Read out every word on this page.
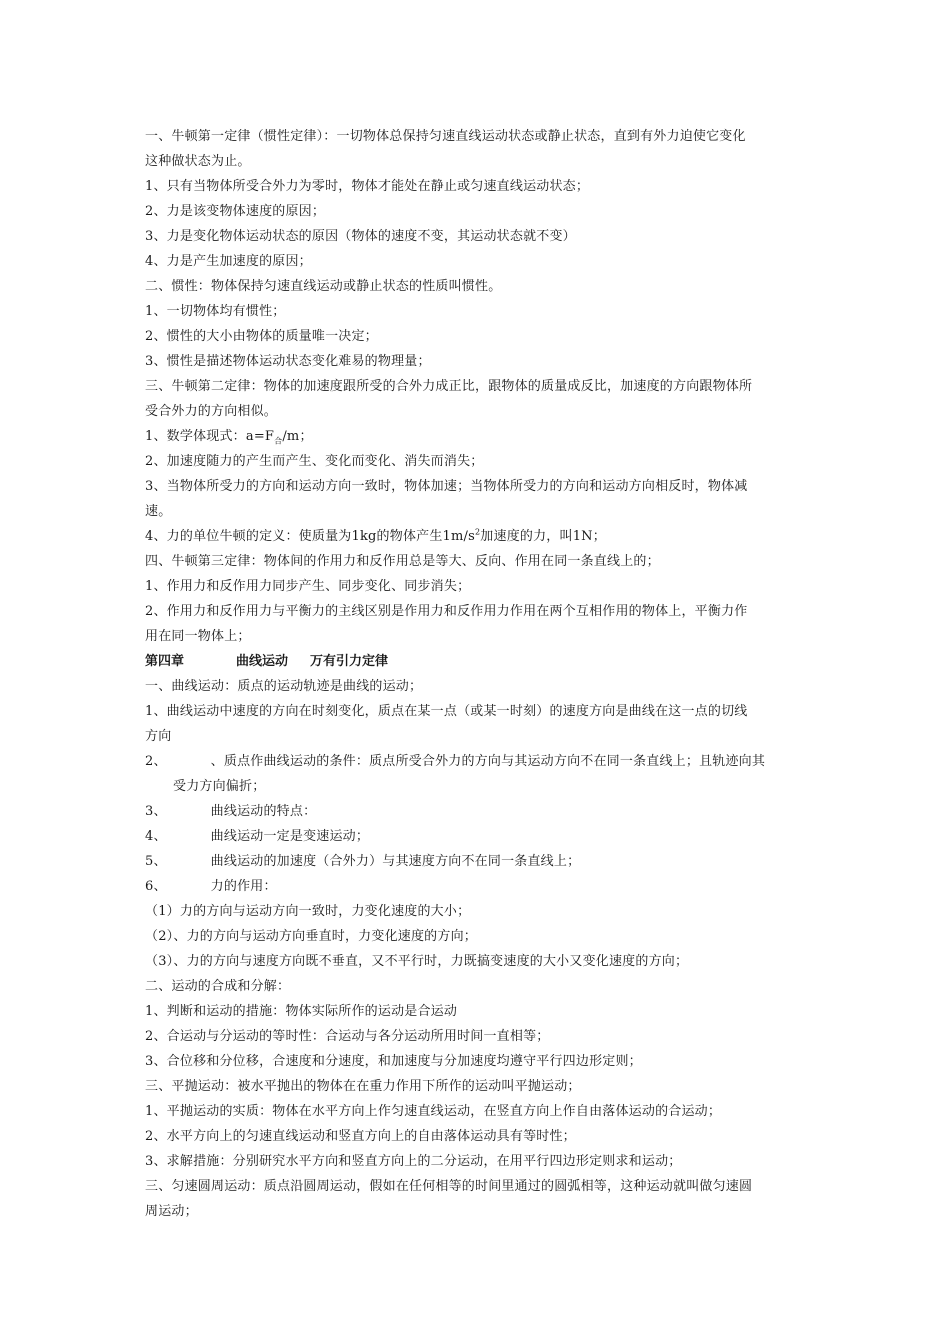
一、牛顿第一定律（惯性定律）：一切物体总保持匀速直线运动状态或静止状态，直到有外力迫使它变化
这种做状态为止。
1、只有当物体所受合外力为零时，物体才能处在静止或匀速直线运动状态；
2、力是该变物体速度的原因；
3、力是变化物体运动状态的原因（物体的速度不变，其运动状态就不变）
4、力是产生加速度的原因；
二、惯性：物体保持匀速直线运动或静止状态的性质叫惯性。
1、一切物体均有惯性；
2、惯性的大小由物体的质量唯一决定；
3、惯性是描述物体运动状态变化难易的物理量；
三、牛顿第二定律：物体的加速度跟所受的合外力成正比，跟物体的质量成反比，加速度的方向跟物体所
受合外力的方向相似。
1、数学体现式：$a=F_合/m$；
2、加速度随力的产生而产生、变化而变化、消失而消失；
3、当物体所受力的方向和运动方向一致时，物体加速；当物体所受力的方向和运动方向相反时，物体减
速。
4、力的单位牛顿的定义：使质量为1kg的物体产生$1m/s^2$加速度的力，叫1N；
四、牛顿第三定律：物体间的作用力和反作用总是等大、反向、作用在同一条直线上的；
1、作用力和反作用力同步产生、同步变化、同步消失；
2、作用力和反作用力与平衡力的主线区别是作用力和反作用力作用在两个互相作用的物体上，平衡力作
用在同一物体上；
第四章	曲线运动 万有引力定律
一、曲线运动：质点的运动轨迹是曲线的运动；
1、曲线运动中速度的方向在时刻变化，质点在某一点（或某一时刻）的速度方向是曲线在这一点的切线
方向
2、	、质点作曲线运动的条件：质点所受合外力的方向与其运动方向不在同一条直线上；且轨迹向其
受力方向偏折；
3、	曲线运动的特点：
4、	曲线运动一定是变速运动；
5、	曲线运动的加速度（合外力）与其速度方向不在同一条直线上；
6、	力的作用：
（1）力的方向与运动方向一致时，力变化速度的大小；
（2）、力的方向与运动方向垂直时，力变化速度的方向；
（3）、力的方向与速度方向既不垂直，又不平行时，力既搞变速度的大小又变化速度的方向；
二、运动的合成和分解：
1、判断和运动的措施：物体实际所作的运动是合运动
2、合运动与分运动的等时性：合运动与各分运动所用时间一直相等；
3、合位移和分位移，合速度和分速度，和加速度与分加速度均遵守平行四边形定则；
三、平抛运动：被水平抛出的物体在在重力作用下所作的运动叫平抛运动；
1、平抛运动的实质：物体在水平方向上作匀速直线运动，在竖直方向上作自由落体运动的合运动；
2、水平方向上的匀速直线运动和竖直方向上的自由落体运动具有等时性；
3、求解措施：分别研究水平方向和竖直方向上的二分运动，在用平行四边形定则求和运动；
三、匀速圆周运动：质点沿圆周运动，假如在任何相等的时间里通过的圆弧相等，这种运动就叫做匀速圆
周运动；
